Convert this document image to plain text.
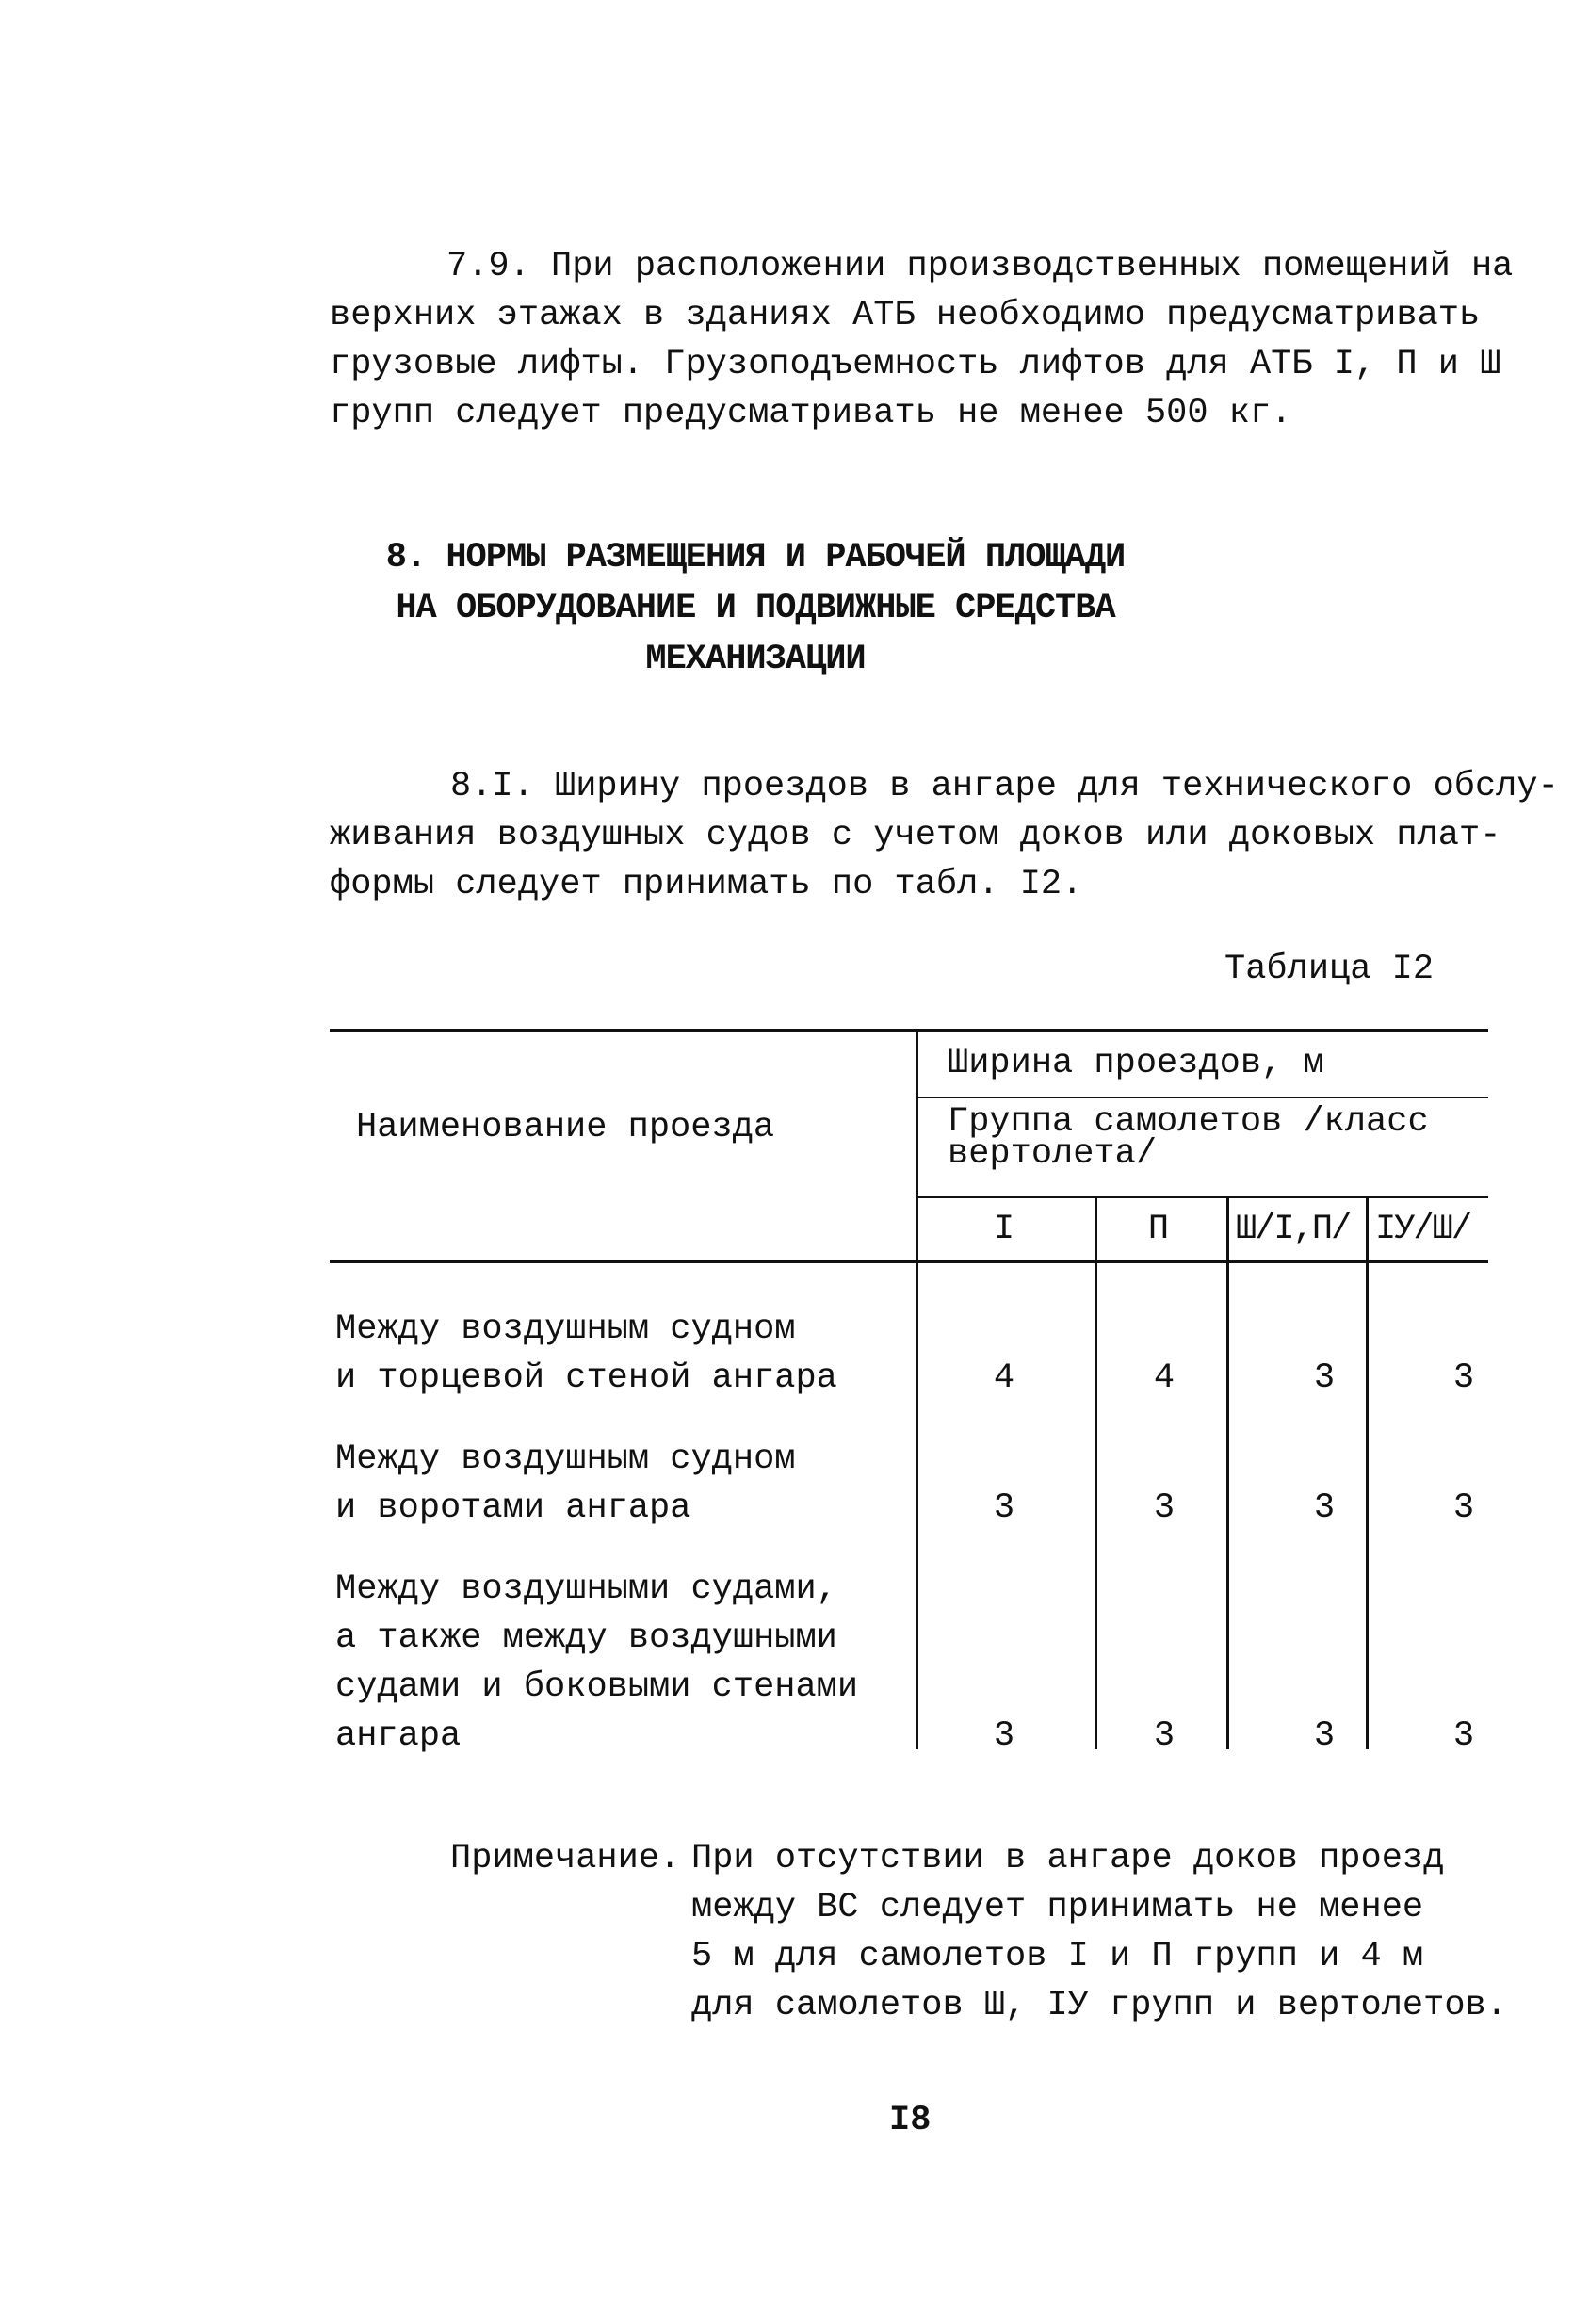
7.9. При расположении производственных помещений на
верхних этажах в зданиях АТБ необходимо предусматривать
грузовые лифты. Грузоподъемность лифтов для АТБ I, П и Ш
групп следует предусматривать не менее 500 кг.
8. НОРМЫ РАЗМЕЩЕНИЯ И РАБОЧЕЙ ПЛОЩАДИ
НА ОБОРУДОВАНИЕ И ПОДВИЖНЫЕ СРЕДСТВА
МЕХАНИЗАЦИИ
8.I. Ширину проездов в ангаре для технического обслу-
живания воздушных судов с учетом доков или доковых плат-
формы следует принимать по табл. I2.
Таблица I2
Наименование проезда
Ширина проездов, м
Группа самолетов /класс
вертолета/
I	П	Ш/I,П/ IУ/Ш/
Между воздушным судном
и торцевой стеной ангара	4	4	3	3
Между воздушным судном
и воротами ангара	3	3	3	3
Между воздушными судами,
а также между воздушными
судами и боковыми стенами
ангара	3	3	3	3
Примечание. При отсутствии в ангаре доков проезд
между ВС следует принимать не менее
5 м для самолетов I и П групп и 4 м
для самолетов Ш, IУ групп и вертолетов.
I8
